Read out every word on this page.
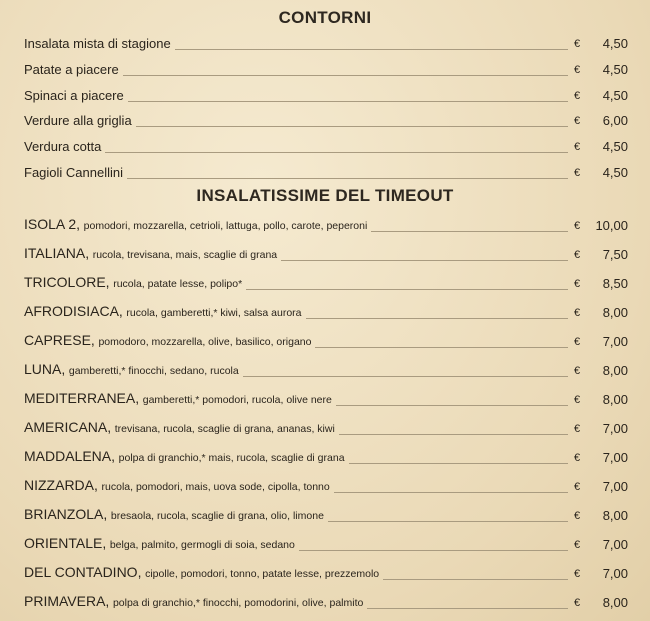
CONTORNI
Insalata mista di stagione	€ 4,50
Patate a piacere	€ 4,50
Spinaci a piacere	€ 4,50
Verdure alla griglia	€ 6,00
Verdura cotta	€ 4,50
Fagioli Cannellini	€ 4,50
INSALATISSIME DEL TIMEOUT
ISOLA 2, pomodori, mozzarella, cetrioli, lattuga, pollo, carote, peperoni	€ 10,00
ITALIANA, rucola, trevisana, mais, scaglie di grana	€ 7,50
TRICOLORE, rucola, patate lesse, polipo*	€ 8,50
AFRODISIACA, rucola, gamberetti,* kiwi, salsa aurora	€ 8,00
CAPRESE, pomodoro, mozzarella, olive, basilico, origano	€ 7,00
LUNA, gamberetti,* finocchi, sedano, rucola	€ 8,00
MEDITERRANEA, gamberetti,* pomodori, rucola, olive nere	€ 8,00
AMERICANA, trevisana, rucola, scaglie di grana, ananas, kiwi	€ 7,00
MADDALENA, polpa di granchio,* mais, rucola, scaglie di grana	€ 7,00
NIZZARDA, rucola, pomodori, mais, uova sode, cipolla, tonno	€ 7,00
BRIANZOLA, bresaola, rucola, scaglie di grana, olio, limone	€ 8,00
ORIENTALE, belga, palmito, germogli di soia, sedano	€ 7,00
DEL CONTADINO, cipolle, pomodori, tonno, patate lesse, prezzemolo	€ 7,00
PRIMAVERA, polpa di granchio,* finocchi, pomodorini, olive, palmito	€ 8,00
